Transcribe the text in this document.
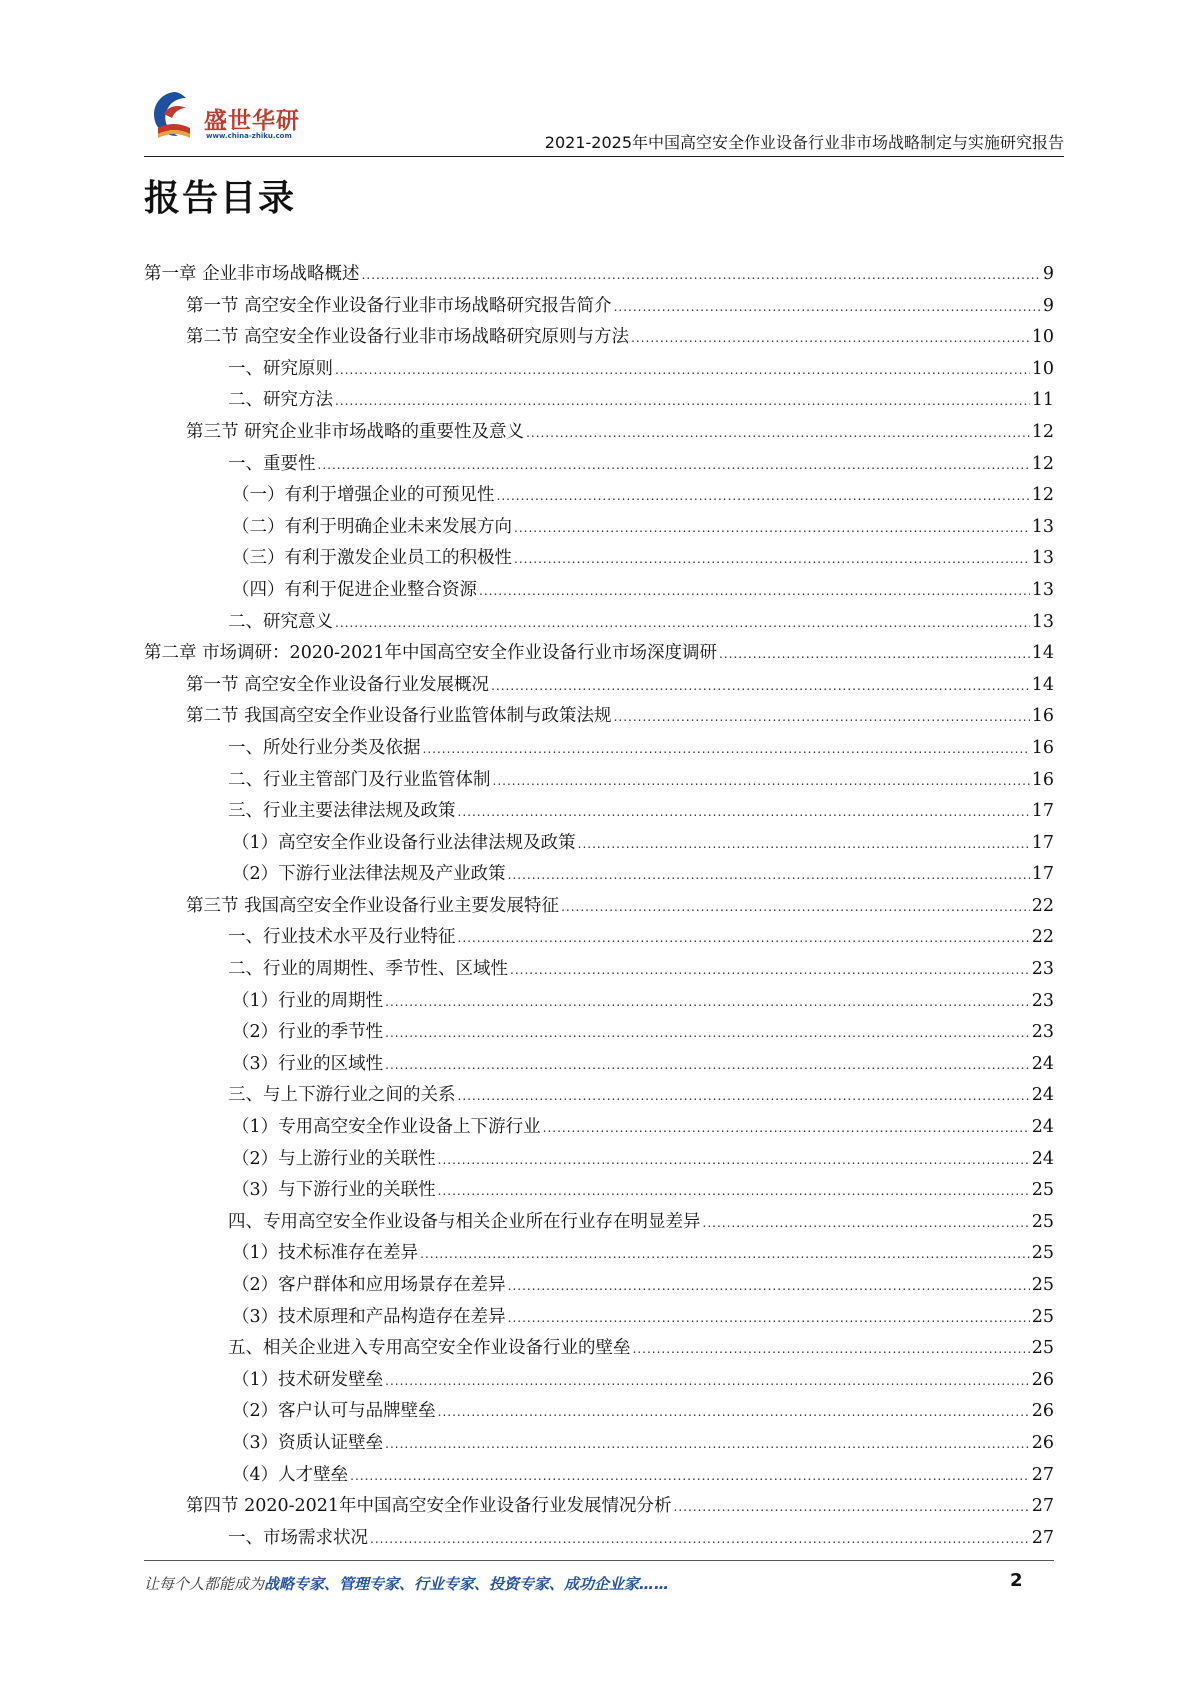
盛世华研
www.china-zhiku.com	2021-2025年中国高空安全作业设备行业非市场战略制定与实施研究报告
报告目录
第一章 企业非市场战略概述 .....	9
第一节 高空安全作业设备行业非市场战略研究报告简介 .....	9
第二节 高空安全作业设备行业非市场战略研究原则与方法 .....	10
一、研究原则 .....	10
二、研究方法 .....	11
第三节 研究企业非市场战略的重要性及意义 .....	12
一、重要性 .....	12
（一）有利于增强企业的可预见性 .....	12
（二）有利于明确企业未来发展方向 .....	13
（三）有利于激发企业员工的积极性 .....	13
（四）有利于促进企业整合资源 .....	13
二、研究意义 .....	13
第二章 市场调研：2020-2021年中国高空安全作业设备行业市场深度调研 .....	14
第一节 高空安全作业设备行业发展概况 .....	14
第二节 我国高空安全作业设备行业监管体制与政策法规 .....	16
一、所处行业分类及依据 .....	16
二、行业主管部门及行业监管体制 .....	16
三、行业主要法律法规及政策 .....	17
（1）高空安全作业设备行业法律法规及政策 .....	17
（2）下游行业法律法规及产业政策 .....	17
第三节 我国高空安全作业设备行业主要发展特征 .....	22
一、行业技术水平及行业特征 .....	22
二、行业的周期性、季节性、区域性 .....	23
（1）行业的周期性 .....	23
（2）行业的季节性 .....	23
（3）行业的区域性 .....	24
三、与上下游行业之间的关系 .....	24
（1）专用高空安全作业设备上下游行业 .....	24
（2）与上游行业的关联性 .....	24
（3）与下游行业的关联性 .....	25
四、专用高空安全作业设备与相关企业所在行业存在明显差异 .....	25
（1）技术标准存在差异 .....	25
（2）客户群体和应用场景存在差异 .....	25
（3）技术原理和产品构造存在差异 .....	25
五、相关企业进入专用高空安全作业设备行业的壁垒 .....	25
（1）技术研发壁垒 .....	26
（2）客户认可与品牌壁垒 .....	26
（3）资质认证壁垒 .....	26
（4）人才壁垒 .....	27
第四节 2020-2021年中国高空安全作业设备行业发展情况分析 .....	27
一、市场需求状况 .....	27
让每个人都能成为战略专家、管理专家、行业专家、投资专家、成功企业家……	2
